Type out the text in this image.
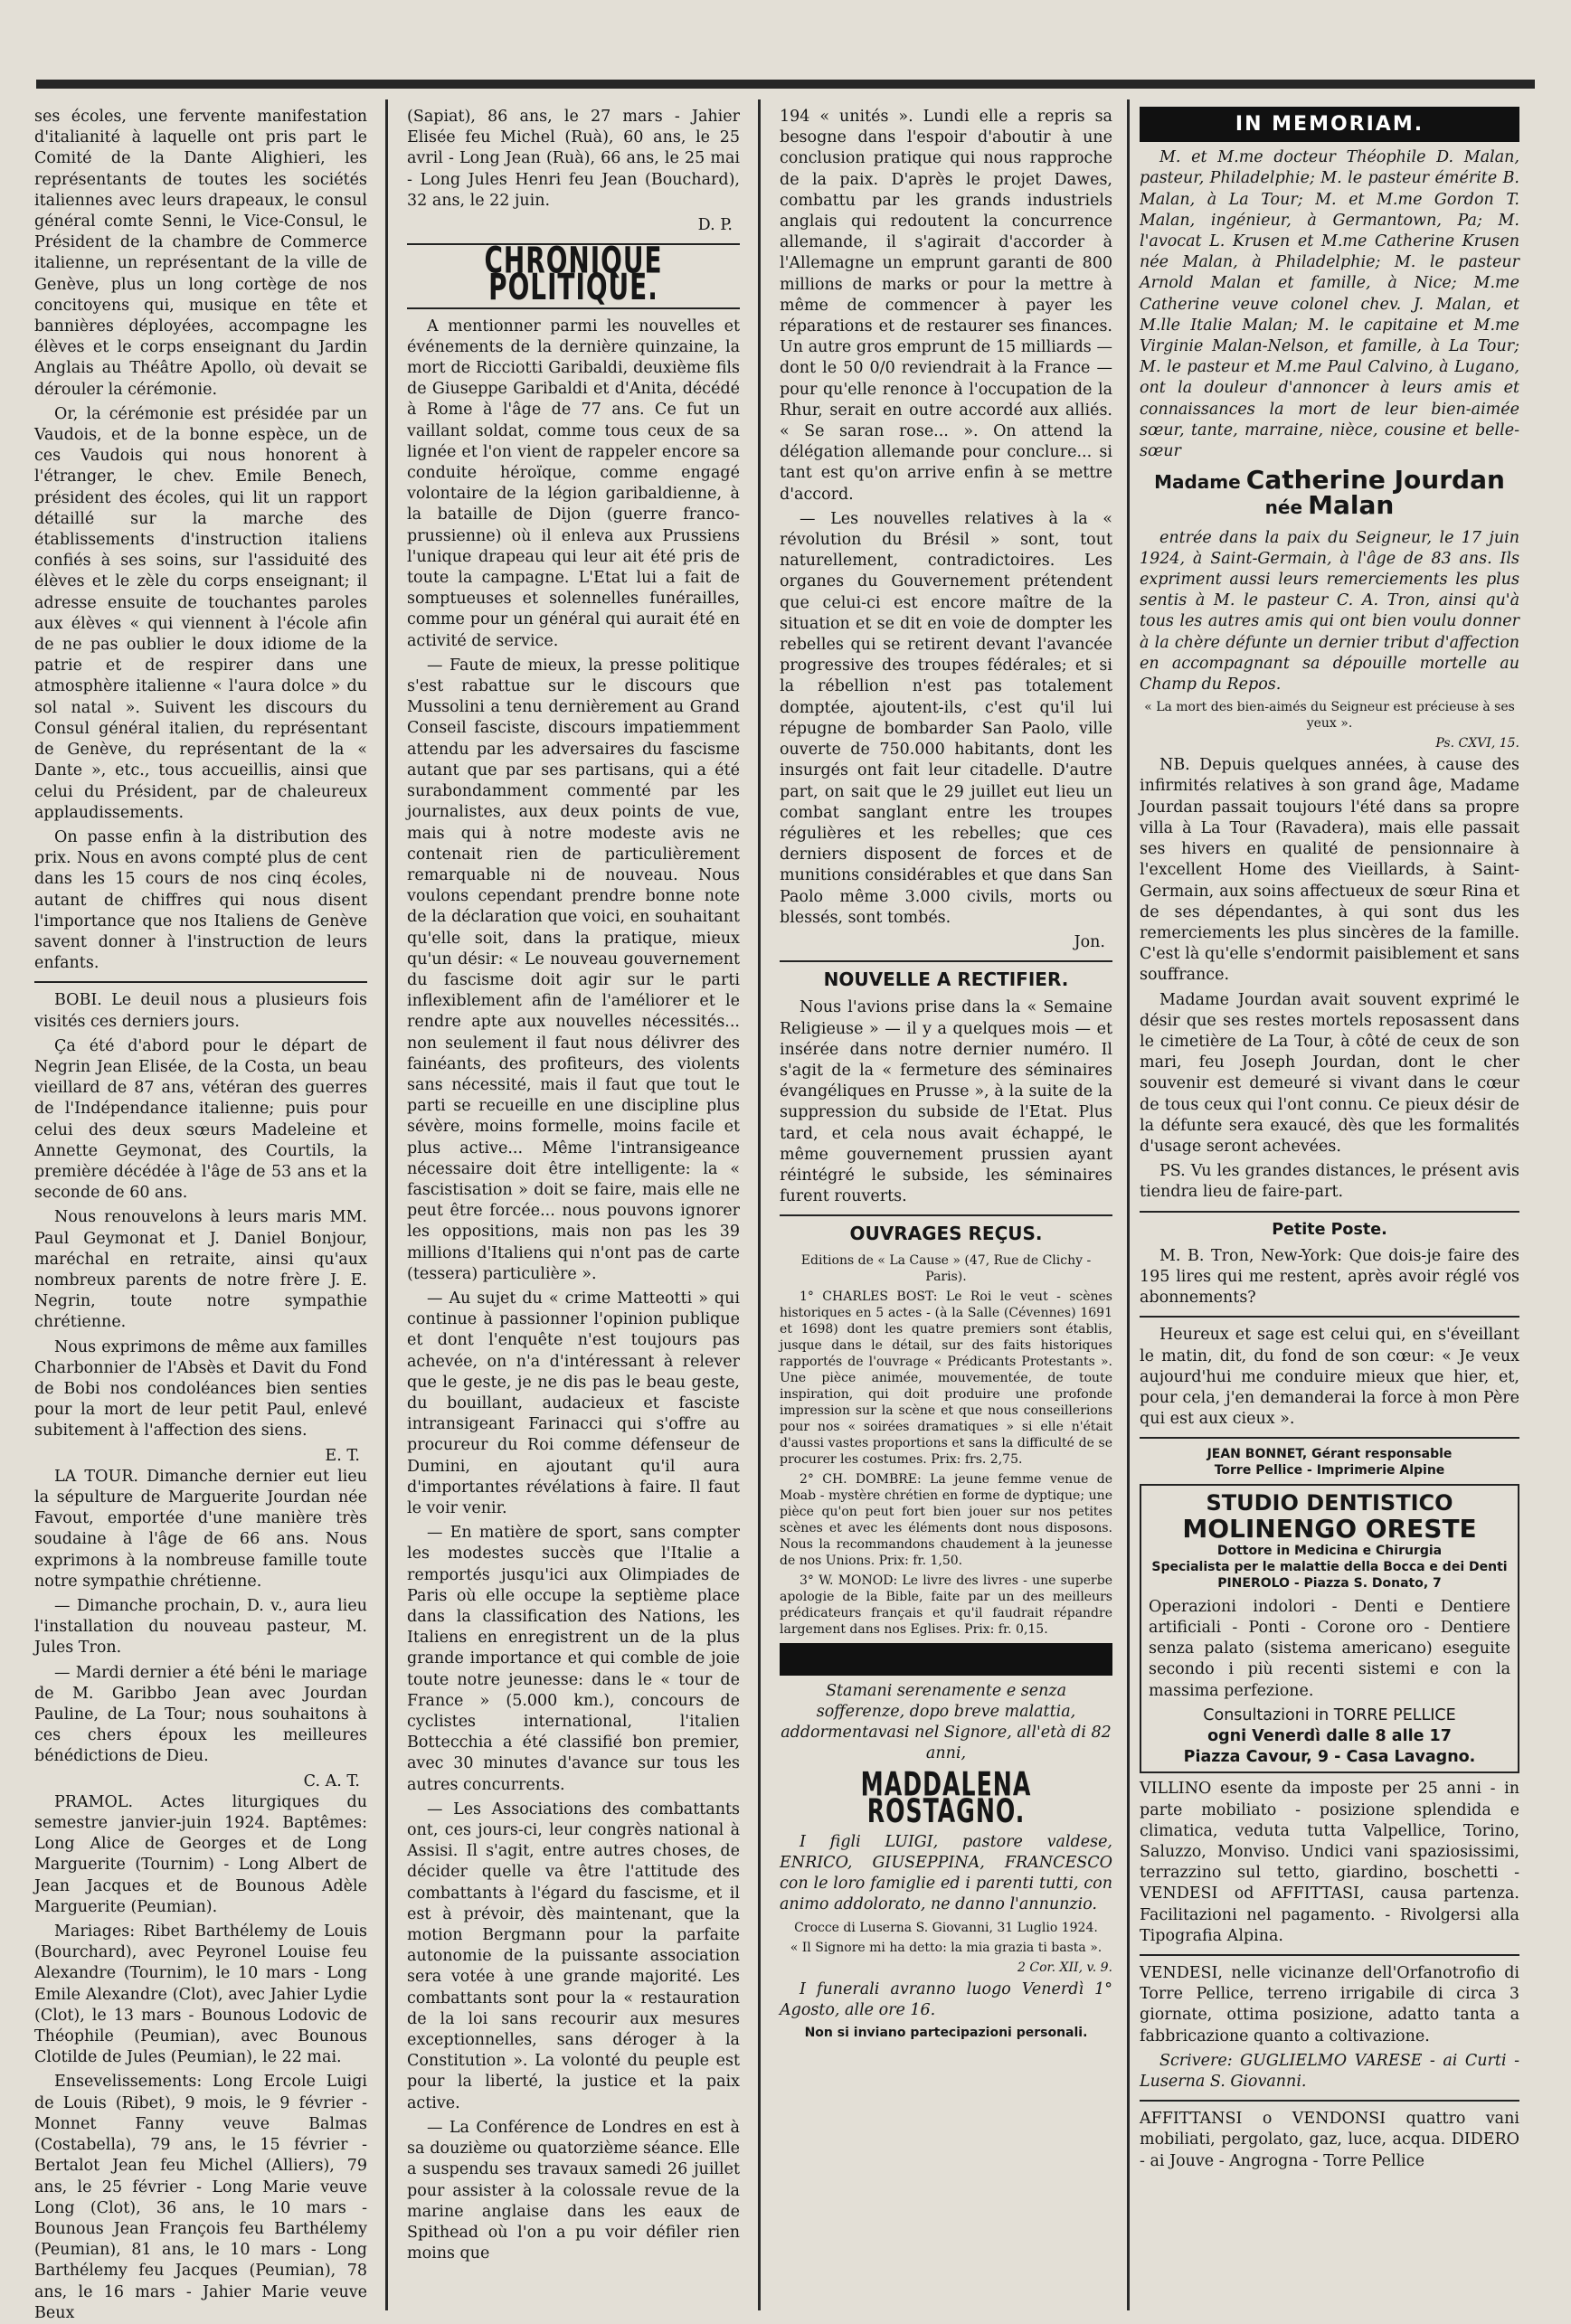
ses écoles, une fervente manifestation d'italianité à laquelle ont pris part le Comité de la Dante Alighieri, les représentants de toutes les sociétés italiennes avec leurs drapeaux, le consul général comte Senni, le Vice-Consul, le Président de la chambre de Commerce italienne, un représentant de la ville de Genève, plus un long cortège de nos concitoyens qui, musique en tête et bannières déployées, accompagne les élèves et le corps enseignant du Jardin Anglais au Théâtre Apollo, où devait se dérouler la cérémonie.

Or, la cérémonie est présidée par un Vaudois, et de la bonne espèce, un de ces Vaudois qui nous honorent à l'étranger, le chev. Emile Benech, président des écoles, qui lit un rapport détaillé sur la marche des établissements d'instruction italiens confiés à ses soins, sur l'assiduité des élèves et le zèle du corps enseignant; il adresse ensuite de touchantes paroles aux élèves « qui viennent à l'école afin de ne pas oublier le doux idiome de la patrie et de respirer dans une atmosphère italienne « l'aura dolce » du sol natal ». Suivent les discours du Consul général italien, du représentant de Genève, du représentant de la « Dante », etc., tous accueillis, ainsi que celui du Président, par de chaleureux applaudissements.

On passe enfin à la distribution des prix. Nous en avons compté plus de cent dans les 15 cours de nos cinq écoles, autant de chiffres qui nous disent l'importance que nos Italiens de Genève savent donner à l'instruction de leurs enfants.

BOBI. Le deuil nous a plusieurs fois visités ces derniers jours.

Ça été d'abord pour le départ de Negrin Jean Elisée, de la Costa, un beau vieillard de 87 ans, vétéran des guerres de l'Indépendance italienne; puis pour celui des deux sœurs Madeleine et Annette Geymonat, des Courtils, la première décédée à l'âge de 53 ans et la seconde de 60 ans.

Nous renouvelons à leurs maris MM. Paul Geymonat et J. Daniel Bonjour, maréchal en retraite, ainsi qu'aux nombreux parents de notre frère J. E. Negrin, toute notre sympathie chrétienne.

Nous exprimons de même aux familles Charbonnier de l'Absès et Davit du Fond de Bobi nos condoléances bien senties pour la mort de leur petit Paul, enlevé subitement à l'affection des siens.

E. T.

LA TOUR. Dimanche dernier eut lieu la sépulture de Marguerite Jourdan née Favout, emportée d'une manière très soudaine à l'âge de 66 ans. Nous exprimons à la nombreuse famille toute notre sympathie chrétienne.

— Dimanche prochain, D. v., aura lieu l'installation du nouveau pasteur, M. Jules Tron.

— Mardi dernier a été béni le mariage de M. Garibbo Jean avec Jourdan Pauline, de La Tour; nous souhaitons à ces chers époux les meilleures bénédictions de Dieu.

C. A. T.

PRAMOL. Actes liturgiques du semestre janvier-juin 1924. Baptêmes: Long Alice de Georges et de Long Marguerite (Tournim) - Long Albert de Jean Jacques et de Bounous Adèle Marguerite (Peumian).

Mariages: Ribet Barthélemy de Louis (Bourchard), avec Peyronel Louise feu Alexandre (Tournim), le 10 mars - Long Emile Alexandre (Clot), avec Jahier Lydie (Clot), le 13 mars - Bounous Lodovic de Théophile (Peumian), avec Bounous Clotilde de Jules (Peumian), le 22 mai.

Ensevelissements: Long Ercole Luigi de Louis (Ribet), 9 mois, le 9 février - Monnet Fanny veuve Balmas (Costabella), 79 ans, le 15 février - Bertalot Jean feu Michel (Alliers), 79 ans, le 25 février - Long Marie veuve Long (Clot), 36 ans, le 10 mars - Bounous Jean François feu Barthélemy (Peumian), 81 ans, le 10 mars - Long Barthélemy feu Jacques (Peumian), 78 ans, le 16 mars - Jahier Marie veuve Beux

(Sapiat), 86 ans, le 27 mars - Jahier Elisée feu Michel (Ruà), 60 ans, le 25 avril - Long Jean (Ruà), 66 ans, le 25 mai - Long Jules Henri feu Jean (Bouchard), 32 ans, le 22 juin.

D. P.
CHRONIQUE POLITIQUE.

A mentionner parmi les nouvelles et événements de la dernière quinzaine, la mort de Ricciotti Garibaldi, deuxième fils de Giuseppe Garibaldi et d'Anita, décédé à Rome à l'âge de 77 ans. Ce fut un vaillant soldat, comme tous ceux de sa lignée et l'on vient de rappeler encore sa conduite héroïque, comme engagé volontaire de la légion garibaldienne, à la bataille de Dijon (guerre franco-prussienne) où il enleva aux Prussiens l'unique drapeau qui leur ait été pris de toute la campagne. L'Etat lui a fait de somptueuses et solennelles funérailles, comme pour un général qui aurait été en activité de service.

— Faute de mieux, la presse politique s'est rabattue sur le discours que Mussolini a tenu dernièrement au Grand Conseil fasciste, discours impatiemment attendu par les adversaires du fascisme autant que par ses partisans, qui a été surabondamment commenté par les journalistes, aux deux points de vue, mais qui à notre modeste avis ne contenait rien de particulièrement remarquable ni de nouveau. Nous voulons cependant prendre bonne note de la déclaration que voici, en souhaitant qu'elle soit, dans la pratique, mieux qu'un désir: « Le nouveau gouvernement du fascisme doit agir sur le parti inflexiblement afin de l'améliorer et le rendre apte aux nouvelles nécessités... non seulement il faut nous délivrer des fainéants, des profiteurs, des violents sans nécessité, mais il faut que tout le parti se recueille en une discipline plus sévère, moins formelle, moins facile et plus active... Même l'intransigeance nécessaire doit être intelligente: la « fascistisation » doit se faire, mais elle ne peut être forcée... nous pouvons ignorer les oppositions, mais non pas les 39 millions d'Italiens qui n'ont pas de carte (tessera) particulière ».

— Au sujet du « crime Matteotti » qui continue à passionner l'opinion publique et dont l'enquête n'est toujours pas achevée, on n'a d'intéressant à relever que le geste, je ne dis pas le beau geste, du bouillant, audacieux et fasciste intransigeant Farinacci qui s'offre au procureur du Roi comme défenseur de Dumini, en ajoutant qu'il aura d'importantes révélations à faire. Il faut le voir venir.

— En matière de sport, sans compter les modestes succès que l'Italie a remportés jusqu'ici aux Olimpiades de Paris où elle occupe la septième place dans la classification des Nations, les Italiens en enregistrent un de la plus grande importance et qui comble de joie toute notre jeunesse: dans le « tour de France » (5.000 km.), concours de cyclistes international, l'italien Bottecchia a été classifié bon premier, avec 30 minutes d'avance sur tous les autres concurrents.

— Les Associations des combattants ont, ces jours-ci, leur congrès national à Assisi. Il s'agit, entre autres choses, de décider quelle va être l'attitude des combattants à l'égard du fascisme, et il est à prévoir, dès maintenant, que la motion Bergmann pour la parfaite autonomie de la puissante association sera votée à une grande majorité. Les combattants sont pour la « restauration de la loi sans recourir aux mesures exceptionnelles, sans déroger à la Constitution ». La volonté du peuple est pour la liberté, la justice et la paix active.

— La Conférence de Londres en est à sa douzième ou quatorzième séance. Elle a suspendu ses travaux samedi 26 juillet pour assister à la colossale revue de la marine anglaise dans les eaux de Spithead où l'on a pu voir défiler rien moins que

194 « unités ». Lundi elle a repris sa besogne dans l'espoir d'aboutir à une conclusion pratique qui nous rapproche de la paix. D'après le projet Dawes, combattu par les grands industriels anglais qui redoutent la concurrence allemande, il s'agirait d'accorder à l'Allemagne un emprunt garanti de 800 millions de marks or pour la mettre à même de commencer à payer les réparations et de restaurer ses finances. Un autre gros emprunt de 15 milliards — dont le 50 0/0 reviendrait à la France — pour qu'elle renonce à l'occupation de la Rhur, serait en outre accordé aux alliés. « Se saran rose... ». On attend la délégation allemande pour conclure... si tant est qu'on arrive enfin à se mettre d'accord.

— Les nouvelles relatives à la « révolution du Brésil » sont, tout naturellement, contradictoires. Les organes du Gouvernement prétendent que celui-ci est encore maître de la situation et se dit en voie de dompter les rebelles qui se retirent devant l'avancée progressive des troupes fédérales; et si la rébellion n'est pas totalement domptée, ajoutent-ils, c'est qu'il lui répugne de bombarder San Paolo, ville ouverte de 750.000 habitants, dont les insurgés ont fait leur citadelle. D'autre part, on sait que le 29 juillet eut lieu un combat sanglant entre les troupes régulières et les rebelles; que ces derniers disposent de forces et de munitions considérables et que dans San Paolo même 3.000 civils, morts ou blessés, sont tombés.

Jon.
NOUVELLE A RECTIFIER.

Nous l'avions prise dans la « Semaine Religieuse » — il y a quelques mois — et insérée dans notre dernier numéro. Il s'agit de la « fermeture des séminaires évangéliques en Prusse », à la suite de la suppression du subside de l'Etat. Plus tard, et cela nous avait échappé, le même gouvernement prussien ayant réintégré le subside, les séminaires furent rouverts.

OUVRAGES REÇUS.

Editions de « La Cause » (47, Rue de Clichy - Paris).

1° CHARLES BOST: Le Roi le veut - scènes historiques en 5 actes - (à la Salle (Cévennes) 1691 et 1698) dont les quatre premiers sont établis, jusque dans le détail, sur des faits historiques rapportés de l'ouvrage « Prédicants Protestants ». Une pièce animée, mouvementée, de toute inspiration, qui doit produire une profonde impression sur la scène et que nous conseillerions pour nos « soirées dramatiques » si elle n'était d'aussi vastes proportions et sans la difficulté de se procurer les costumes. Prix: frs. 2,75.

2° CH. DOMBRE: La jeune femme venue de Moab - mystère chrétien en forme de dyptique; une pièce qu'on peut fort bien jouer sur nos petites scènes et avec les éléments dont nous disposons. Nous la recommandons chaudement à la jeunesse de nos Unions. Prix: fr. 1,50.

3° W. MONOD: Le livre des livres - une superbe apologie de la Bible, faite par un des meilleurs prédicateurs français et qu'il faudrait répandre largement dans nos Eglises. Prix: fr. 0,15.

Stamani serenamente e senza sofferenze, dopo breve malattia, addormentavasi nel Signore, all'età di 82 anni,

MADDALENA ROSTAGNO.

I figli LUIGI, pastore valdese, ENRICO, GIUSEPPINA, FRANCESCO con le loro famiglie ed i parenti tutti, con animo addolorato, ne danno l'annunzio.

Crocce di Luserna S. Giovanni, 31 Luglio 1924.

« Il Signore mi ha detto: la mia grazia ti basta ».

2 Cor. XII, v. 9.

I funerali avranno luogo Venerdì 1° Agosto, alle ore 16.

Non si inviano partecipazioni personali.

IN MEMORIAM.

M. et M.me docteur Théophile D. Malan, pasteur, Philadelphie; M. le pasteur émérite B. Malan, à La Tour; M. et M.me Gordon T. Malan, ingénieur, à Germantown, Pa; M. l'avocat L. Krusen et M.me Catherine Krusen née Malan, à Philadelphie; M. le pasteur Arnold Malan et famille, à Nice; M.me Catherine veuve colonel chev. J. Malan, et M.lle Italie Malan; M. le capitaine et M.me Virginie Malan-Nelson, et famille, à La Tour; M. le pasteur et M.me Paul Calvino, à Lugano, ont la douleur d'annoncer à leurs amis et connaissances la mort de leur bien-aimée sœur, tante, marraine, nièce, cousine et belle-sœur

Madame Catherine Jourdan née Malan

entrée dans la paix du Seigneur, le 17 juin 1924, à Saint-Germain, à l'âge de 83 ans. Ils expriment aussi leurs remerciements les plus sentis à M. le pasteur C. A. Tron, ainsi qu'à tous les autres amis qui ont bien voulu donner à la chère défunte un dernier tribut d'affection en accompagnant sa dépouille mortelle au Champ du Repos.

« La mort des bien-aimés du Seigneur est précieuse à ses yeux ».

Ps. CXVI, 15.

NB. Depuis quelques années, à cause des infirmités relatives à son grand âge, Madame Jourdan passait toujours l'été dans sa propre villa à La Tour (Ravadera), mais elle passait ses hivers en qualité de pensionnaire à l'excellent Home des Vieillards, à Saint-Germain, aux soins affectueux de sœur Rina et de ses dépendantes, à qui sont dus les remerciements les plus sincères de la famille. C'est là qu'elle s'endormit paisiblement et sans souffrance.

Madame Jourdan avait souvent exprimé le désir que ses restes mortels reposassent dans le cimetière de La Tour, à côté de ceux de son mari, feu Joseph Jourdan, dont le cher souvenir est demeuré si vivant dans le cœur de tous ceux qui l'ont connu. Ce pieux désir de la défunte sera exaucé, dès que les formalités d'usage seront achevées.

PS. Vu les grandes distances, le présent avis tiendra lieu de faire-part.

Petite Poste.

M. B. Tron, New-York: Que dois-je faire des 195 lires qui me restent, après avoir réglé vos abonnements?

Heureux et sage est celui qui, en s'éveillant le matin, dit, du fond de son cœur: « Je veux aujourd'hui me conduire mieux que hier, et, pour cela, j'en demanderai la force à mon Père qui est aux cieux ».

JEAN BONNET, Gérant responsable
Torre Pellice - Imprimerie Alpine
STUDIO DENTISTICO
MOLINENGO ORESTE
Dottore in Medicina e Chirurgia
Specialista per le malattie della Bocca e dei Denti
PINEROLO - Piazza S. Donato, 7

Operazioni indolori - Denti e Dentiere artificiali - Ponti - Corone oro - Dentiere senza palato (sistema americano) eseguite secondo i più recenti sistemi e con la massima perfezione.

Consultazioni in TORRE PELLICE
ogni Venerdì dalle 8 alle 17
Piazza Cavour, 9 - Casa Lavagno.

VILLINO esente da imposte per 25 anni - in parte mobiliato - posizione splendida e climatica, veduta tutta Valpellice, Torino, Saluzzo, Monviso. Undici vani spaziosissimi, terrazzino sul tetto, giardino, boschetti - VENDESI od AFFITTASI, causa partenza. Facilitazioni nel pagamento. - Rivolgersi alla Tipografia Alpina.

VENDESI, nelle vicinanze dell'Orfanotrofio di Torre Pellice, terreno irrigabile di circa 3 giornate, ottima posizione, adatto tanta a fabbricazione quanto a coltivazione.

Scrivere: GUGLIELMO VARESE - ai Curti - Luserna S. Giovanni.

AFFITTANSI o VENDONSI quattro vani mobiliati, pergolato, gaz, luce, acqua. DIDERO - ai Jouve - Angrogna - Torre Pellice
